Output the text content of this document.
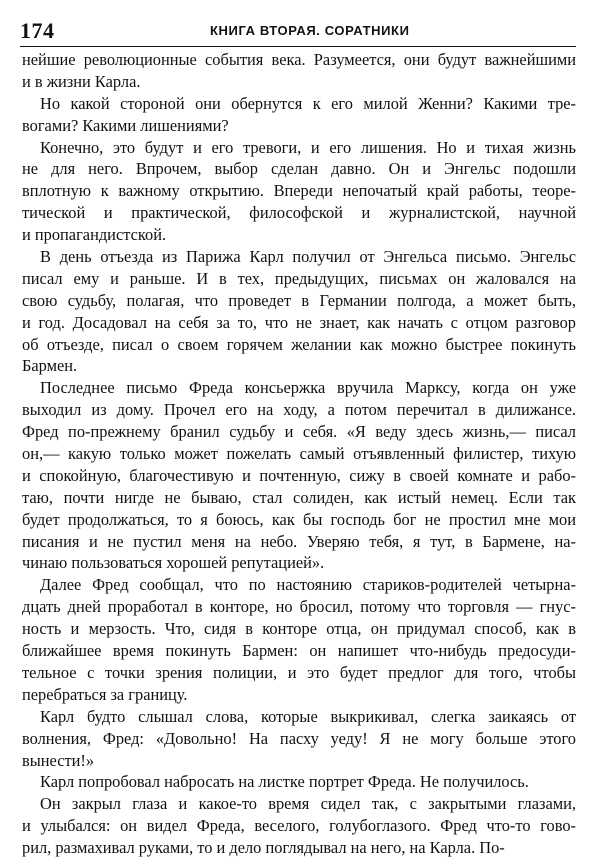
174	КНИГА ВТОРАЯ. СОРАТНИКИ
нейшие революционные события века. Разумеется, они будут важнейшими
и в жизни Карла.
Но какой стороной они обернутся к его милой Женни? Какими тре-
вогами? Какими лишениями?
Конечно, это будут и его тревоги, и его лишения. Но и тихая жизнь
не для него. Впрочем, выбор сделан давно. Он и Энгельс подошли
вплотную к важному открытию. Впереди непочатый край работы, теоре-
тической и практической, философской и журналистской, научной
и пропагандистской.
В день отъезда из Парижа Карл получил от Энгельса письмо. Энгельс
писал ему и раньше. И в тех, предыдущих, письмах он жаловался на
свою судьбу, полагая, что проведет в Германии полгода, а может быть,
и год. Досадовал на себя за то, что не знает, как начать с отцом разговор
об отъезде, писал о своем горячем желании как можно быстрее покинуть
Бармен.
Последнее письмо Фреда консьержка вручила Марксу, когда он уже
выходил из дому. Прочел его на ходу, а потом перечитал в дилижансе.
Фред по-прежнему бранил судьбу и себя. «Я веду здесь жизнь,— писал
он,— какую только может пожелать самый отъявленный филистер, тихую
и спокойную, благочестивую и почтенную, сижу в своей комнате и рабо-
таю, почти нигде не бываю, стал солиден, как истый немец. Если так
будет продолжаться, то я боюсь, как бы господь бог не простил мне мои
писания и не пустил меня на небо. Уверяю тебя, я тут, в Бармене, на-
чинаю пользоваться хорошей репутацией».
Далее Фред сообщал, что по настоянию стариков-родителей четырна-
дцать дней проработал в конторе, но бросил, потому что торговля — гнус-
ность и мерзость. Что, сидя в конторе отца, он придумал способ, как в
ближайшее время покинуть Бармен: он напишет что-нибудь предосуди-
тельное с точки зрения полиции, и это будет предлог для того, чтобы
перебраться за границу.
Карл будто слышал слова, которые выкрикивал, слегка заикаясь от
волнения, Фред: «Довольно! На пасху уеду! Я не могу больше этого
вынести!»
Карл попробовал набросать на листке портрет Фреда. Не получилось.
Он закрыл глаза и какое-то время сидел так, с закрытыми глазами,
и улыбался: он видел Фреда, веселого, голубоглазого. Фред что-то гово-
рил, размахивал руками, то и дело поглядывал на него, на Карла. По-
